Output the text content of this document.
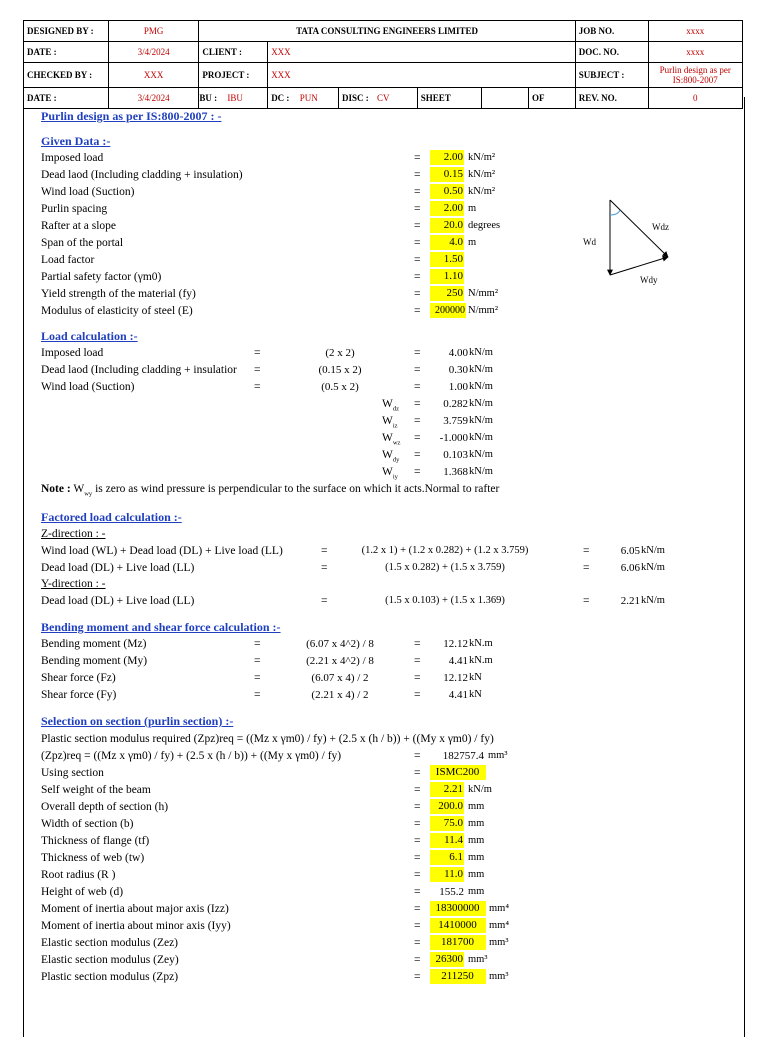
DESIGNED BY :	PMG	TATA CONSULTING ENGINEERS LIMITED						JOB NO.	xxxx
DATE :	3/4/2024	CLIENT :	XXX					DOC. NO.	xxxx
CHECKED BY :	XXX	PROJECT :	XXX					SUBJECT :	Purlin design as per IS:800-2007
DATE :	3/4/2024	BU : IBU	DC : PUN	DISC : CV	SHEET		OF	REV. NO.	0
Purlin design as per IS:800-2007 : -
Given Data :-
Imposed load	=	2.00 kN/m²
Dead laod (Including cladding + insulation)	=	0.15 kN/m²
Wind load (Suction)	=	0.50 kN/m²
Purlin spacing	=	2.00 m
Rafter at a slope	=	20.0 degrees
Span of the portal	=	4.0 m
Load factor	=	1.50
Partial safety factor (γm0)	=	1.10
Yield strength of the material (fy)	=	250 N/mm²
Modulus of elasticity of steel (E)	=	200000 N/mm²
Wdz
Wd
Wdy
Load calculation :-
Imposed load	=	(2 x 2)	=	4.00 kN/m
Dead laod (Including cladding + insulatior	=	(0.15 x 2)	=	0.30 kN/m
Wind load (Suction)	=	(0.5 x 2)	=	1.00 kN/m
$W_{dz}$ =	0.282 kN/m
$W_{iz}$ =	3.759 kN/m
$W_{wz}$ =	-1.000 kN/m
$W_{dy}$ =	0.103 kN/m
$W_{iy}$ =	1.368 kN/m
Note : $W_{wy}$ is zero as wind pressure is perpendicular to the surface on which it acts.Normal to rafter
Factored load calculation :-
Z-direction : -
Wind load (WL) + Dead load (DL) + Live load (LL)	=	(1.2 x 1) + (1.2 x 0.282) + (1.2 x 3.759)	=	6.05 kN/m
Dead load (DL) + Live load (LL)	=	(1.5 x 0.282) + (1.5 x 3.759)	=	6.06 kN/m
Y-direction : -
Dead load (DL) + Live load (LL)	=	(1.5 x 0.103) + (1.5 x 1.369)	=	2.21 kN/m
Bending moment and shear force calculation :-
Bending moment (Mz)	=	(6.07 x 4^2) / 8	=	12.12 kN.m
Bending moment (My)	=	(2.21 x 4^2) / 8	=	4.41 kN.m
Shear force (Fz)	=	(6.07 x 4) / 2	=	12.12 kN
Shear force (Fy)	=	(2.21 x 4) / 2	=	4.41 kN
Selection on section (purlin section) :-
Plastic section modulus required (Zpz)req = ((Mz x γm0) / fy) + (2.5 x (h / b)) + ((My x γm0) / fy)
(Zpz)req = ((Mz x γm0) / fy) + (2.5 x (h / b)) + ((My x γm0) / fy)	=	182757.4 mm³
Using section	=	ISMC200
Self weight of the beam	=	2.21 kN/m
Overall depth of section (h)	=	200.0 mm
Width of section (b)	=	75.0 mm
Thickness of flange (tf)	=	11.4 mm
Thickness of web (tw)	=	6.1 mm
Root radius (R )	=	11.0 mm
Height of web (d)	=	155.2 mm
Moment of inertia about major axis (Izz)	=	18300000 mm⁴
Moment of inertia about minor axis (Iyy)	=	1410000	mm⁴
Elastic section modulus (Zez)	=	181700	mm³
Elastic section modulus (Zey)	=	26300 mm³
Plastic section modulus (Zpz)	=	211250	mm³
